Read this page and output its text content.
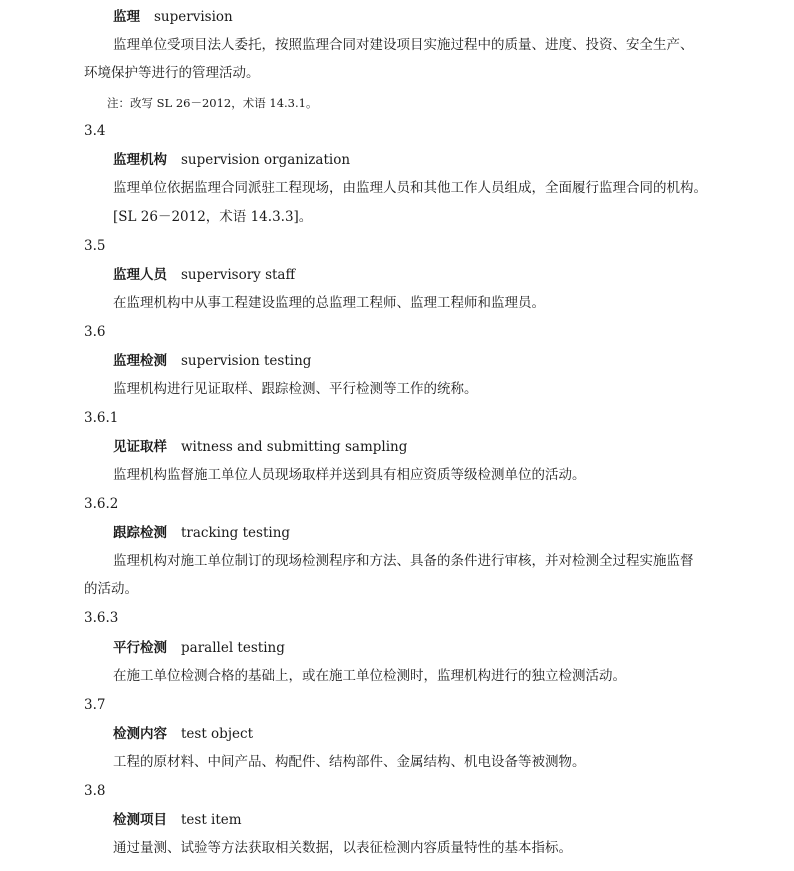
监理 supervision
监理单位受项目法人委托，按照监理合同对建设项目实施过程中的质量、进度、投资、安全生产、
环境保护等进行的管理活动。
注：改写 SL 26－2012，术语 14.3.1。
3.4
监理机构 supervision organization
监理单位依据监理合同派驻工程现场，由监理人员和其他工作人员组成，全面履行监理合同的机构。
[SL 26－2012，术语 14.3.3]。
3.5
监理人员 supervisory staff
在监理机构中从事工程建设监理的总监理工程师、监理工程师和监理员。
3.6
监理检测 supervision testing
监理机构进行见证取样、跟踪检测、平行检测等工作的统称。
3.6.1
见证取样 witness and submitting sampling
监理机构监督施工单位人员现场取样并送到具有相应资质等级检测单位的活动。
3.6.2
跟踪检测 tracking testing
监理机构对施工单位制订的现场检测程序和方法、具备的条件进行审核，并对检测全过程实施监督
的活动。
3.6.3
平行检测 parallel testing
在施工单位检测合格的基础上，或在施工单位检测时，监理机构进行的独立检测活动。
3.7
检测内容 test object
工程的原材料、中间产品、构配件、结构部件、金属结构、机电设备等被测物。
3.8
检测项目 test item
通过量测、试验等方法获取相关数据，以表征检测内容质量特性的基本指标。
